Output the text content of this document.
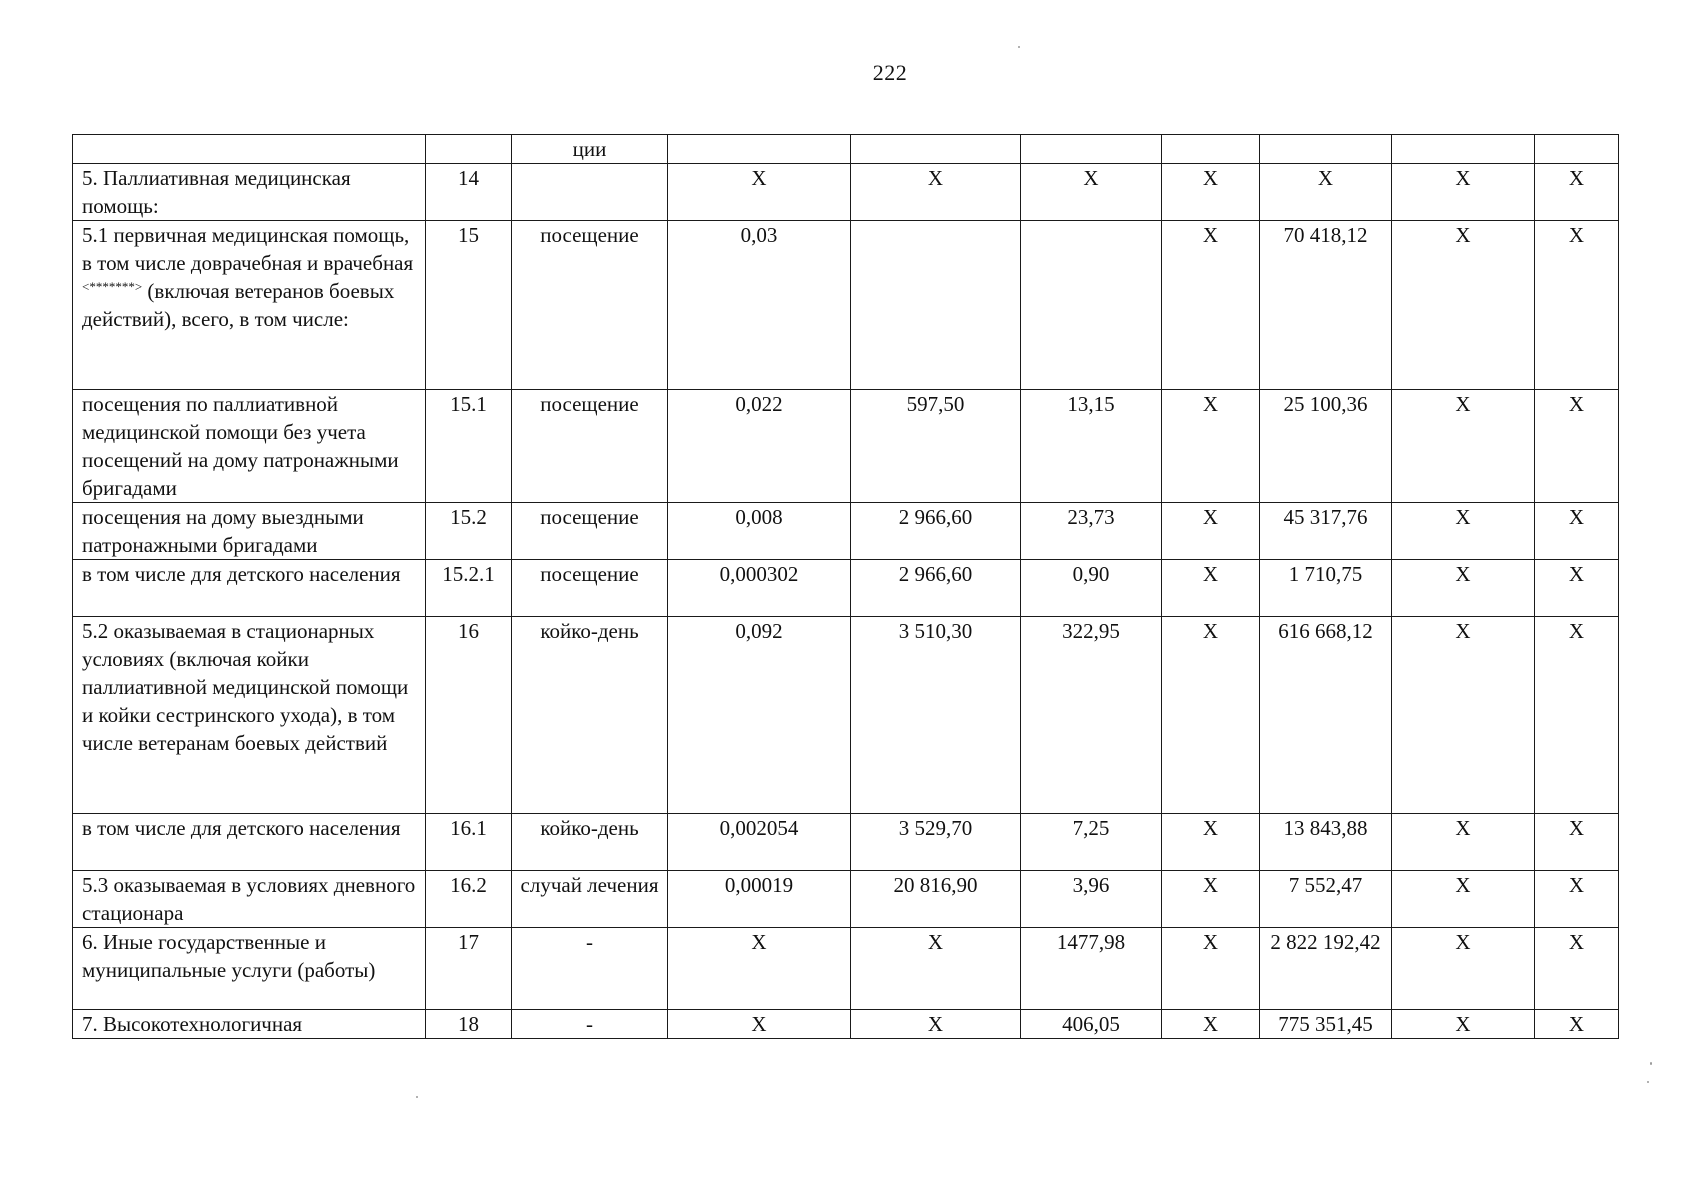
222
		ции							
5. Паллиативная медицинская помощь:	14		Х	Х	Х	Х	Х	Х	Х
5.1 первичная медицинская помощь, в том числе доврачебная и врачебная <*******> (включая ветеранов боевых действий), всего, в том числе:	15	посещение	0,03			Х	70 418,12	Х	Х
посещения по паллиативной медицинской помощи без учета посещений на дому патронажными бригадами	15.1	посещение	0,022	597,50	13,15	Х	25 100,36	Х	Х
посещения на дому выездными патронажными бригадами	15.2	посещение	0,008	2 966,60	23,73	Х	45 317,76	Х	Х
в том числе для детского населения	15.2.1	посещение	0,000302	2 966,60	0,90	Х	1 710,75	Х	Х
5.2 оказываемая в стационарных условиях (включая койки паллиативной медицинской помощи и койки сестринского ухода), в том числе ветеранам боевых действий	16	койко-день	0,092	3 510,30	322,95	Х	616 668,12	Х	Х
в том числе для детского населения	16.1	койко-день	0,002054	3 529,70	7,25	Х	13 843,88	Х	Х
5.3 оказываемая в условиях дневного стационара	16.2	случай лечения	0,00019	20 816,90	3,96	Х	7 552,47	Х	Х
6. Иные государственные и муниципальные услуги (работы)	17	-	Х	Х	1477,98	Х	2 822 192,42	Х	Х
7. Высокотехнологичная	18	-	Х	Х	406,05	Х	775 351,45	Х	Х
